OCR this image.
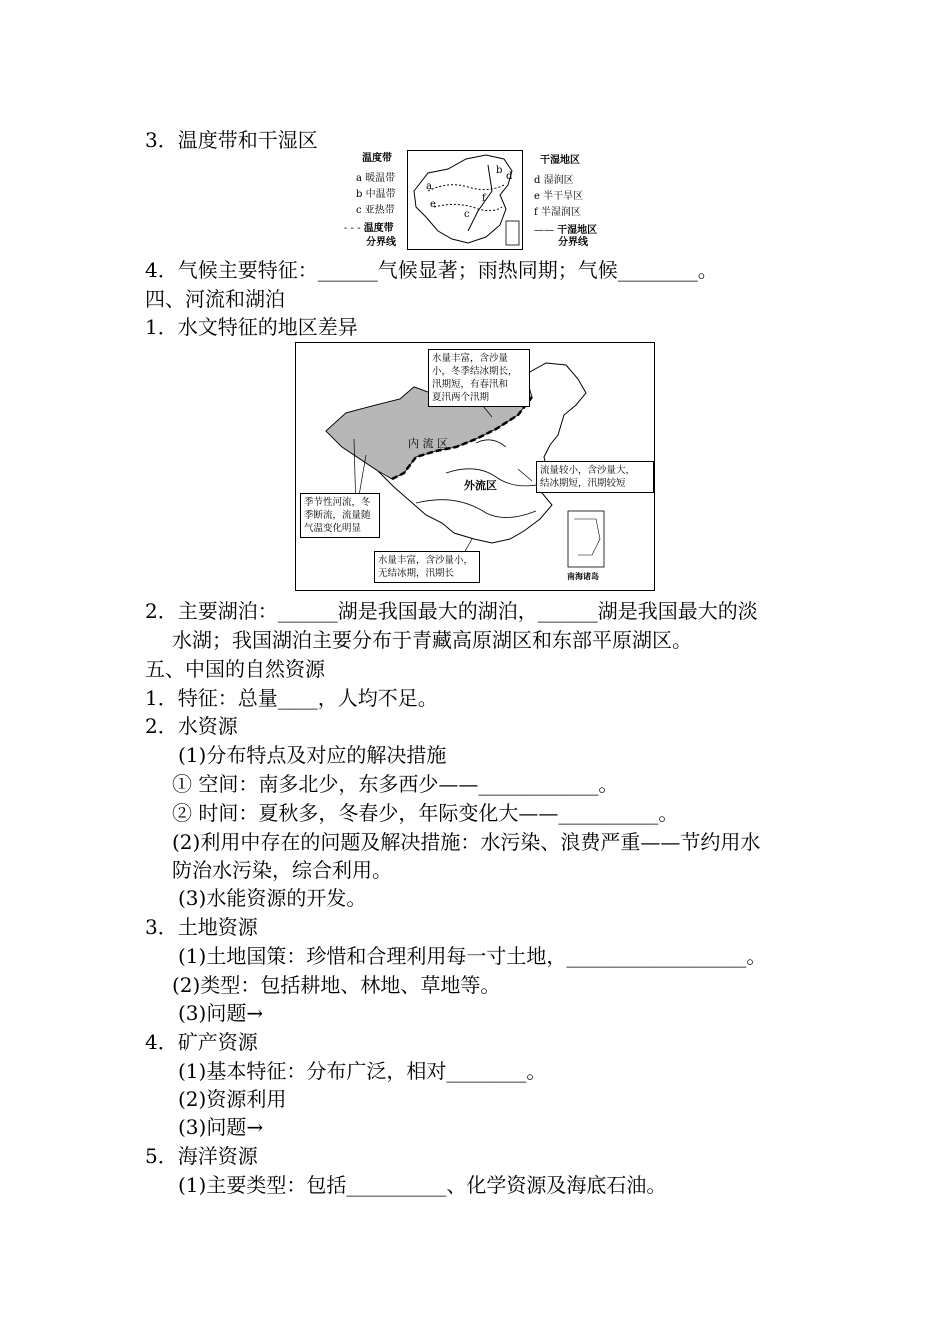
3．温度带和干湿区
温度带
a 暖温带
b 中温带
c 亚热带
- - - 温度带
分界线
a
b
c
d
e
f
干湿地区
d 湿润区
e 半干旱区
f 半湿润区
—— 干湿地区
分界线
4．气候主要特征：______气候显著；雨热同期；气候________。
四、河流和湖泊
1．水文特征的地区差异
水量丰富，含沙量
小，冬季结冰期长，
汛期短，有春汛和
夏汛两个汛期
流量较小，含沙量大，
结冰期短，汛期较短
季节性河流，冬
季断流，流量随
气温变化明显
水量丰富，含沙量小，
无结冰期，汛期长
内 流 区
外流区
南海诸岛
2．主要湖泊：______湖是我国最大的湖泊，______湖是我国最大的淡
水湖；我国湖泊主要分布于青藏高原湖区和东部平原湖区。
五、中国的自然资源
1．特征：总量____，人均不足。
2．水资源
(1)分布特点及对应的解决措施
① 空间：南多北少，东多西少——____________。
② 时间：夏秋多，冬春少，年际变化大——__________。
(2)利用中存在的问题及解决措施：水污染、浪费严重——节约用水
防治水污染，综合利用。
(3)水能资源的开发。
3．土地资源
(1)土地国策：珍惜和合理利用每一寸土地，__________________。
(2)类型：包括耕地、林地、草地等。
(3)问题→
4．矿产资源
(1)基本特征：分布广泛，相对________。
(2)资源利用
(3)问题→
5．海洋资源
(1)主要类型：包括__________、化学资源及海底石油。
